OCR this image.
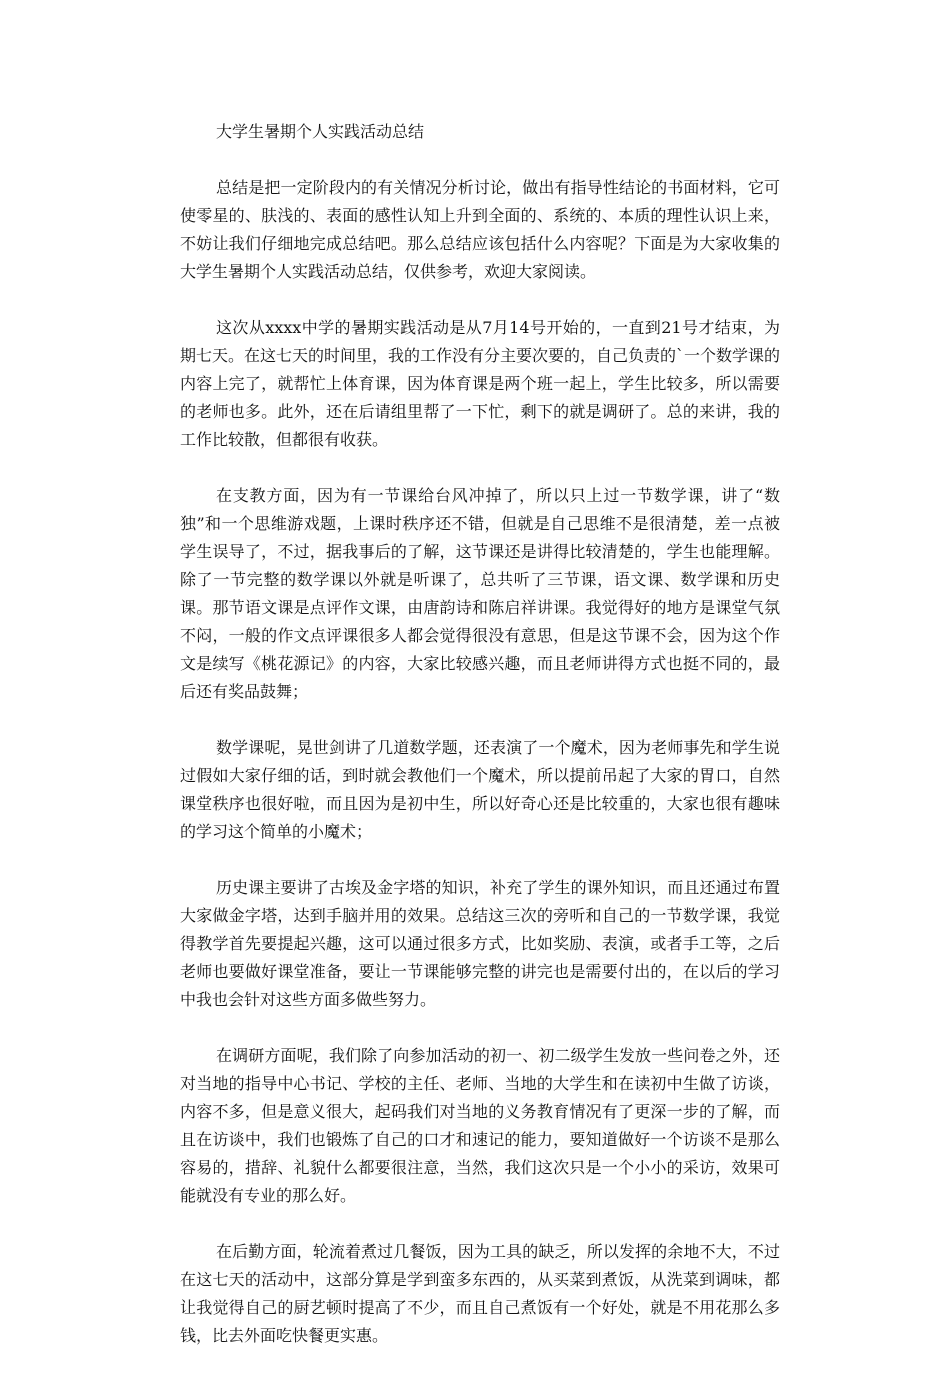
大学生暑期个人实践活动总结

总结是把一定阶段内的有关情况分析讨论，做出有指导性结论的书面材料，它可使零星的、肤浅的、表面的感性认知上升到全面的、系统的、本质的理性认识上来，不妨让我们仔细地完成总结吧。那么总结应该包括什么内容呢？下面是为大家收集的大学生暑期个人实践活动总结，仅供参考，欢迎大家阅读。

这次从xxxx中学的暑期实践活动是从7月14号开始的，一直到21号才结束，为期七天。在这七天的时间里，我的工作没有分主要次要的，自己负责的`一个数学课的内容上完了，就帮忙上体育课，因为体育课是两个班一起上，学生比较多，所以需要的老师也多。此外，还在后请组里帮了一下忙，剩下的就是调研了。总的来讲，我的工作比较散，但都很有收获。

在支教方面，因为有一节课给台风冲掉了，所以只上过一节数学课，讲了“数独”和一个思维游戏题，上课时秩序还不错，但就是自己思维不是很清楚，差一点被学生误导了，不过，据我事后的了解，这节课还是讲得比较清楚的，学生也能理解。除了一节完整的数学课以外就是听课了，总共听了三节课，语文课、数学课和历史课。那节语文课是点评作文课，由唐韵诗和陈启祥讲课。我觉得好的地方是课堂气氛不闷，一般的作文点评课很多人都会觉得很没有意思，但是这节课不会，因为这个作文是续写《桃花源记》的内容，大家比较感兴趣，而且老师讲得方式也挺不同的，最后还有奖品鼓舞；

数学课呢，晃世剑讲了几道数学题，还表演了一个魔术，因为老师事先和学生说过假如大家仔细的话，到时就会教他们一个魔术，所以提前吊起了大家的胃口，自然课堂秩序也很好啦，而且因为是初中生，所以好奇心还是比较重的，大家也很有趣味的学习这个简单的小魔术；

历史课主要讲了古埃及金字塔的知识，补充了学生的课外知识，而且还通过布置大家做金字塔，达到手脑并用的效果。总结这三次的旁听和自己的一节数学课，我觉得教学首先要提起兴趣，这可以通过很多方式，比如奖励、表演，或者手工等，之后老师也要做好课堂准备，要让一节课能够完整的讲完也是需要付出的，在以后的学习中我也会针对这些方面多做些努力。

在调研方面呢，我们除了向参加活动的初一、初二级学生发放一些问卷之外，还对当地的指导中心书记、学校的主任、老师、当地的大学生和在读初中生做了访谈，内容不多，但是意义很大，起码我们对当地的义务教育情况有了更深一步的了解，而且在访谈中，我们也锻炼了自己的口才和速记的能力，要知道做好一个访谈不是那么容易的，措辞、礼貌什么都要很注意，当然，我们这次只是一个小小的采访，效果可能就没有专业的那么好。

在后勤方面，轮流着煮过几餐饭，因为工具的缺乏，所以发挥的余地不大，不过在这七天的活动中，这部分算是学到蛮多东西的，从买菜到煮饭，从洗菜到调味，都让我觉得自己的厨艺顿时提高了不少，而且自己煮饭有一个好处，就是不用花那么多钱，比去外面吃快餐更实惠。
